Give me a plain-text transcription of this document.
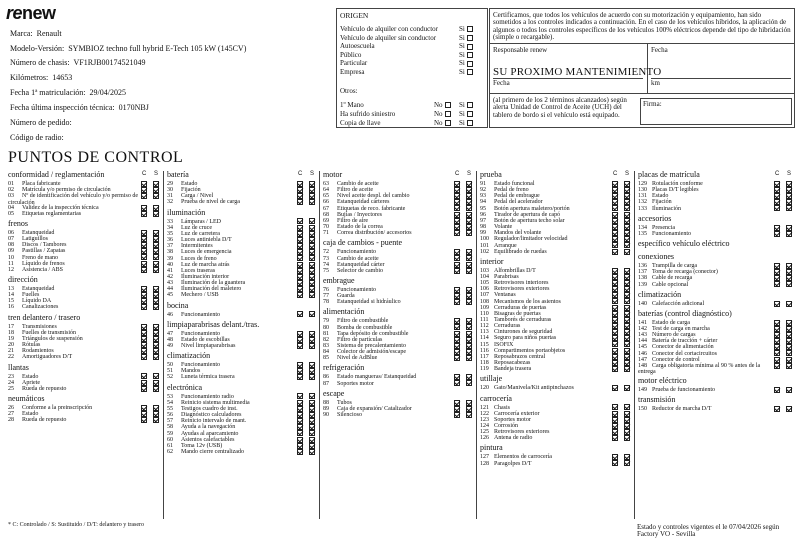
renew
Marca: Renault
Modelo-Versión: SYMBIOZ techno full hybrid E-Tech 105 kW (145CV)
Número de chasis: VF1RJB00174521049
Kilómetros: 14653
Fecha 1ª matriculación: 29/04/2025
Fecha última inspección técnica: 0170NBJ
Número de pedido:
Código de radio:
ORIGEN
Vehículo de alquiler con conductor	Si
Vehículo de alquiler sin conductor	Si
Autoescuela	Si
Público	Si
Particular	Si
Empresa	Si
Otros:
1º Mano	No	Si
Ha sufrido siniestro	No	Si
Copia de llave	No	Si
Certificamos, que todos los vehículos de acuerdo con su motorización y equipamiento, han sido sometidos a los controles indicados a continuación. En el caso de los vehículos híbridos, la aplicación de algunos o todos los controles específicos de los vehículos 100% eléctricos depende del tipo de hibridación (simple o recargable).
Responsable renew	Fecha
SU PROXIMO MANTENIMIENTO
Fecha	km
(al primero de los 2 términos alcanzados) según alerta Unidad de Control de Aceite (UCH) del tablero de bordo si el vehículo está equipado.
Firma:
PUNTOS DE CONTROL
C S
conformidad / reglamentación
01 Placa fabricante
02 Matrícula y/o permiso de circulación
03 Nº de identificación del vehículo y/o permiso de circulación
04 Validez de la inspección técnica
05 Etiquetas reglamentarias
frenos
06 Estanqueidad
07 Latiguillos
08 Discos / Tambores
09 Pastillas / Zapatas
10 Freno de mano
11 Líquido de frenos
12 Asistencia / ABS
dirección
13 Estanqueidad
14 Fuelles
15 Líquido DA
16 Canalizaciones
tren delantero / trasero
17 Transmisiones
18 Fuelles de transmisión
19 Triángulos de suspensión
20 Rótulas
21 Rodamientos
22 Amortiguadores D/T
llantas
23 Estado
24 Apriete
25 Rueda de repuesto
neumáticos
26 Conforme a la preinscripción
27 Estado
28 Rueda de repuesto
C S
batería
29 Estado
30 Fijación
31 Carga / Nivel
32 Prueba de nivel de carga
iluminación
33 Lámparas / LED
34 Luz de cruce
35 Luz de carretera
36 Luces antiniebla D/T
37 Intermitentes
38 Luces de emergencia
39 Luces de freno
40 Luz de marcha atrás
41 Luces traseras
42 Iluminación interior
43 Iluminación de la guantera
44 Iluminación del maletero
45 Mechero / USB
bocina
46 Funcionamiento
limpiaparabrisas delant./tras.
47 Funcionamiento
48 Estado de escobillas
49 Nivel limpiaparabrisas
climatización
50 Funcionamiento
51 Mandos
52 Luneta térmica trasera
electrónica
53 Funcionamiento radio
54 Reinicio sistema multimedia
55 Testigos cuadro de inst.
56 Diagnóstico calculadores
57 Reinicio intervalo de mant.
58 Ayuda a la navegación
59 Ayudas al aparcamiento
60 Asientos calefactables
61 Toma 12v (USB)
62 Mando cierre centralizado
C S
motor
63 Cambio de aceite
64 Filtro de aceite
65 Nivel aceite despl. del cambio
66 Estanqueidad cárteres
67 Etiquetas de reco. fabricante
68 Bujías / Inyectores
69 Filtro de aire
70 Estado de la correa
71 Correa distribución/ accesorios
caja de cambios - puente
72 Funcionamiento
73 Cambio de aceite
74 Estanqueidad cárter
75 Selector de cambio
embrague
76 Funcionamiento
77 Guarda
78 Estanqueidad si hidráulico
alimentación
79 Filtro de combustible
80 Bomba de combustible
81 Tapa depósito de combustible
82 Filtro de partículas
83 Sistema de precalentamiento
84 Colector de admisión/escape
85 Nivel de AdBlue
refrigeración
86 Estado mangueras/ Estanqueidad
87 Soportes motor
escape
88 Tubos
89 Caja de expansión/ Catalizador
90 Silencioso
C S
prueba
91 Estado funcional
92 Pedal de freno
93 Pedal de embrague
94 Pedal del acelerador
95 Botón apertura maletero/portón
96 Tirador de apertura de capó
97 Botón de apertura techo solar
98 Volante
99 Mandos del volante
100 Regulador/limitador velocidad
101 Arranque
102 Equilibrado de ruedas
interior
103 Alfombrillas D/T
104 Parabrisas
105 Retrovisores interiores
106 Retrovisores exteriores
107 Ventanas
108 Mecanismos de los asientos
109 Cerraduras de puertas
110 Bisagras de puertas
111 Tamborés de cerraduras
112 Cerraduras
113 Cinturones de seguridad
114 Seguro para niños puertas
115 ISOFIX
116 Compartimentos portaobjetos
117 Reposabrazos central
118 Reposacabezas
119 Bandeja trasera
utillaje
120 Gato/Manivela/Kit antipinchazos
carrocería
121 Chasis
122 Carrocería exterior
123 Soportes motor
124 Corrosión
125 Retrovisores exteriores
126 Antena de radio
pintura
127 Elementos de carrocería
128 Paragolpes D/T
C S
placas de matrícula
129 Rotulación conforme
130 Placas D/T legibles
131 Estado
132 Fijación
133 Iluminación
accesorios
134 Presencia
135 Funcionamiento
específico vehículo eléctrico
conexiones
136 Trampilla de carga
137 Toma de recarga (conector)
138 Cable de recarga
139 Cable opcional
climatización
140 Calefacción adicional
baterías (control diagnóstico)
141 Estado de carga
142 Test de carga en marcha
143 Número de cargas
144 Batería de tracción + cárter
145 Conector de alimentación
146 Conector del cortacircuitos
147 Conector de control
148 Carga obligatoria mínima al 90 % antes de la entrega
motor eléctrico
149 Prueba de funcionamiento
transmisión
150 Reductor de marcha D/T
* C: Controlado / S: Sustituido / D/T: delantero y trasero	Estado y controles vigentes el le 07/04/2026 según Factory VO - Sevilla
